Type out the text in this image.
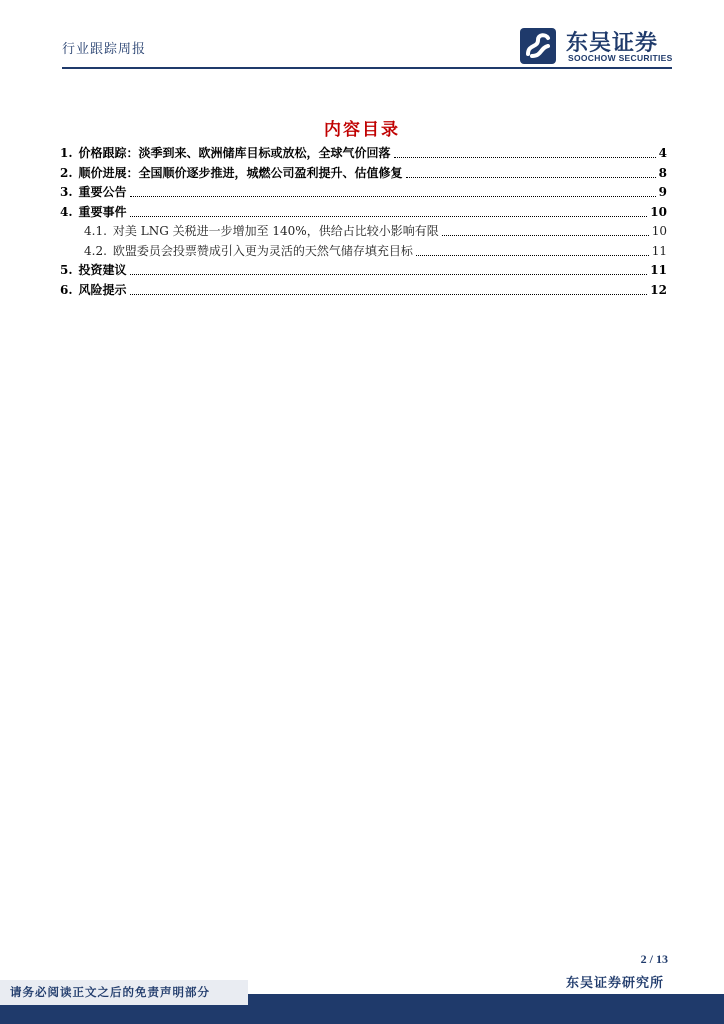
行业跟踪周报	东吴证券
SOOCHOW SECURITIES
内容目录
1. 价格跟踪：淡季到来、欧洲储库目标或放松，全球气价回落	4
2. 顺价进展：全国顺价逐步推进，城燃公司盈利提升、估值修复	8
3. 重要公告	9
4. 重要事件	10
4.1. 对美 LNG 关税进一步增加至 140%，供给占比较小影响有限	10
4.2. 欧盟委员会投票赞成引入更为灵活的天然气储存填充目标	11
5. 投资建议	11
6. 风险提示	12
2 / 13
东吴证券研究所
请务必阅读正文之后的免责声明部分
